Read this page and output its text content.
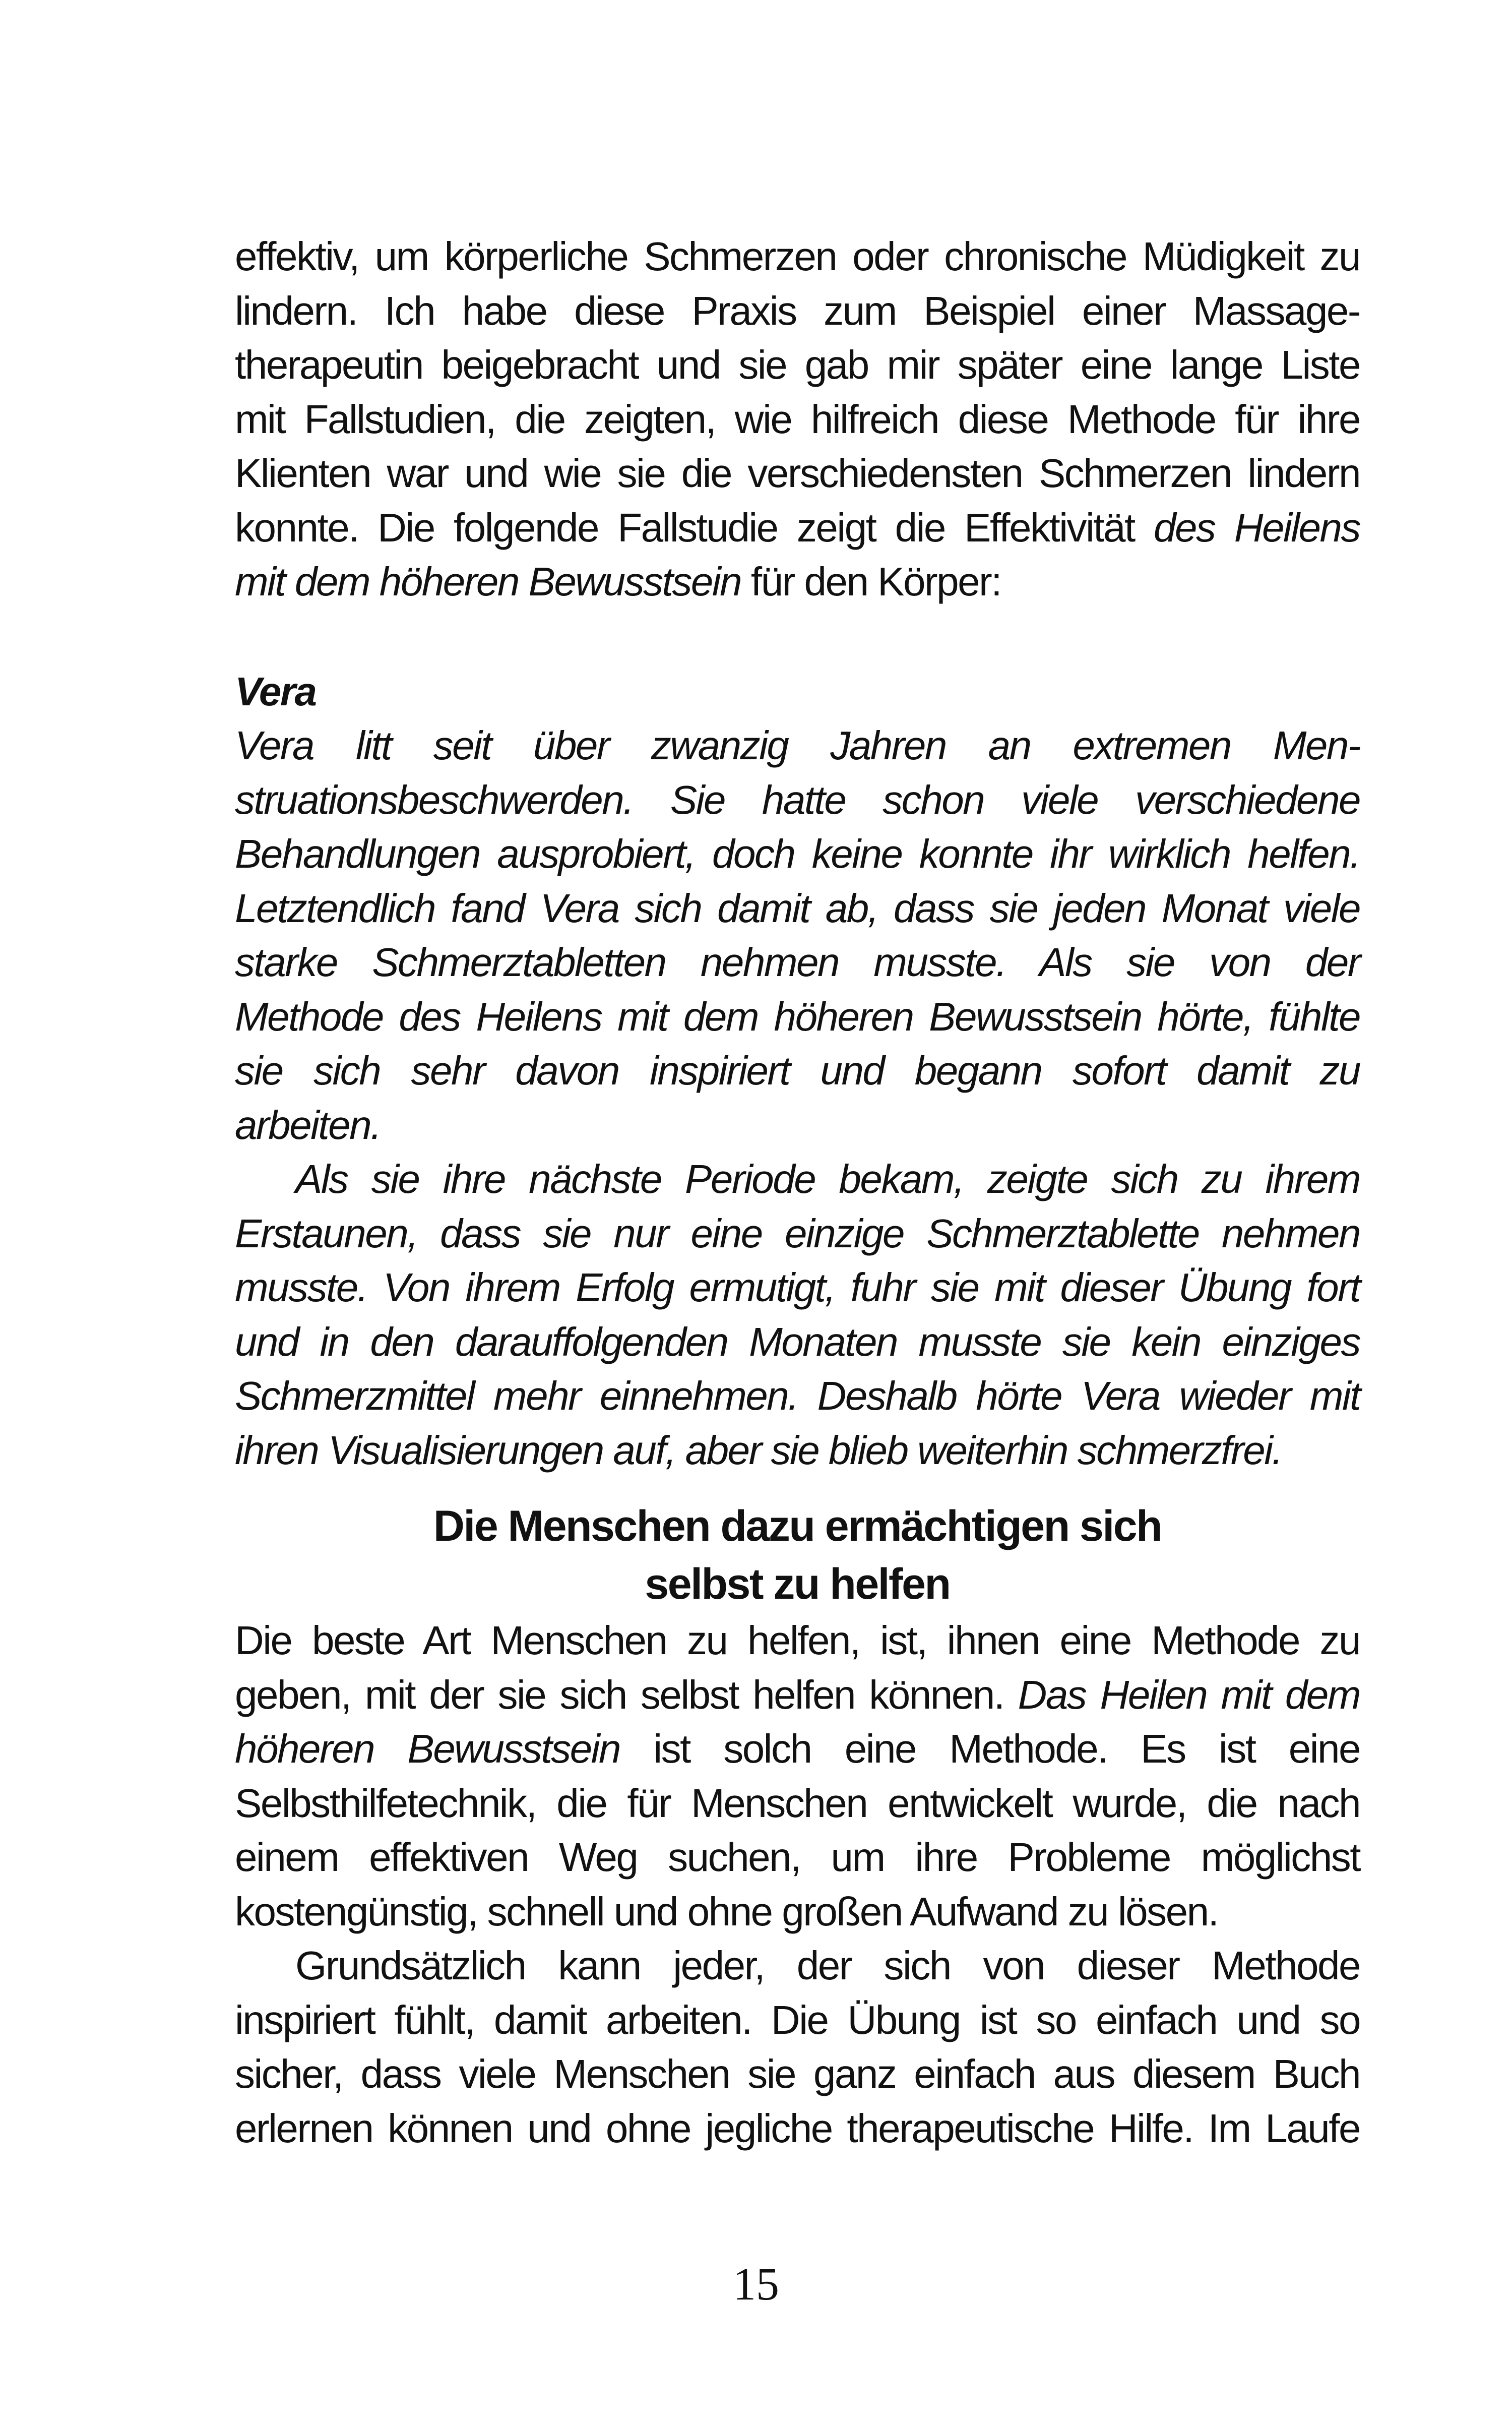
effektiv, um körperliche Schmerzen oder chronische Müdigkeit zu
lindern. Ich habe diese Praxis zum Beispiel einer Massage-
therapeutin beigebracht und sie gab mir später eine lange Liste
mit Fallstudien, die zeigten, wie hilfreich diese Methode für ihre
Klienten war und wie sie die verschiedensten Schmerzen lindern
konnte. Die folgende Fallstudie zeigt die Effektivität des Heilens
mit dem höheren Bewusstsein für den Körper:
Vera
Vera litt seit über zwanzig Jahren an extremen Men-
struationsbeschwerden. Sie hatte schon viele verschiedene
Behandlungen ausprobiert, doch keine konnte ihr wirklich helfen.
Letztendlich fand Vera sich damit ab, dass sie jeden Monat viele
starke Schmerztabletten nehmen musste. Als sie von der
Methode des Heilens mit dem höheren Bewusstsein hörte, fühlte
sie sich sehr davon inspiriert und begann sofort damit zu
arbeiten.
Als sie ihre nächste Periode bekam, zeigte sich zu ihrem
Erstaunen, dass sie nur eine einzige Schmerztablette nehmen
musste. Von ihrem Erfolg ermutigt, fuhr sie mit dieser Übung fort
und in den darauffolgenden Monaten musste sie kein einziges
Schmerzmittel mehr einnehmen. Deshalb hörte Vera wieder mit
ihren Visualisierungen auf, aber sie blieb weiterhin schmerzfrei.
Die Menschen dazu ermächtigen sich
selbst zu helfen
Die beste Art Menschen zu helfen, ist, ihnen eine Methode zu
geben, mit der sie sich selbst helfen können. Das Heilen mit dem
höheren Bewusstsein ist solch eine Methode. Es ist eine
Selbsthilfetechnik, die für Menschen entwickelt wurde, die nach
einem effektiven Weg suchen, um ihre Probleme möglichst
kostengünstig, schnell und ohne großen Aufwand zu lösen.
Grundsätzlich kann jeder, der sich von dieser Methode
inspiriert fühlt, damit arbeiten. Die Übung ist so einfach und so
sicher, dass viele Menschen sie ganz einfach aus diesem Buch
erlernen können und ohne jegliche therapeutische Hilfe. Im Laufe
15
